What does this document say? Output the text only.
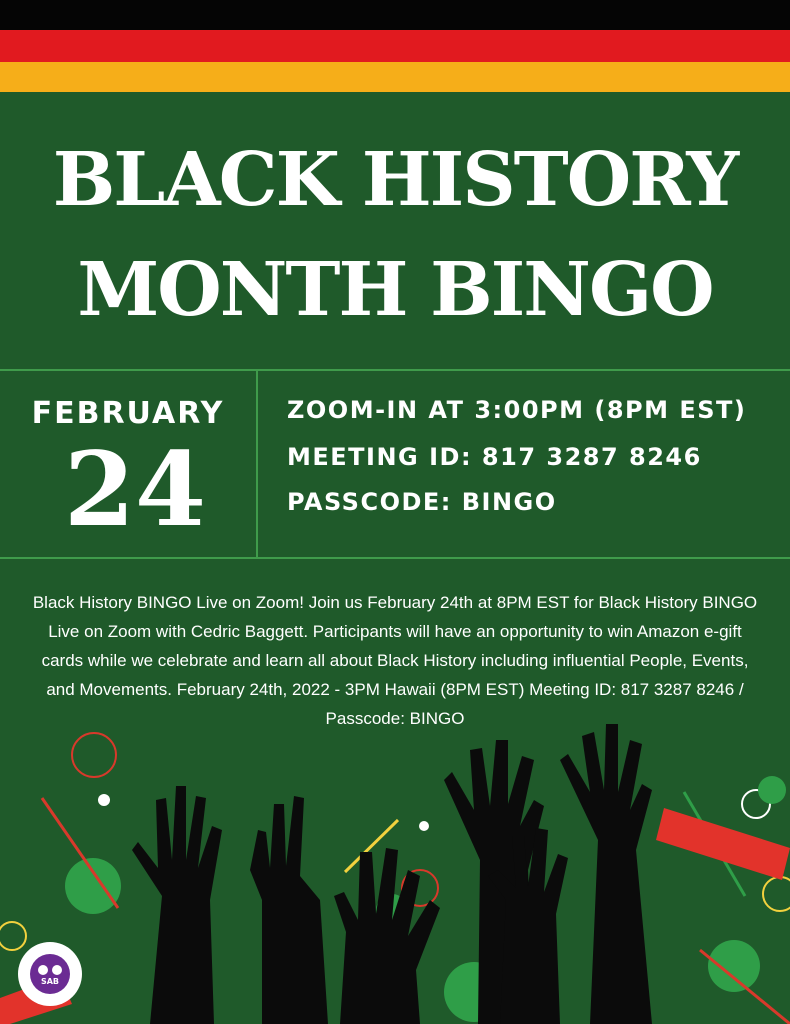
BLACK HISTORY
MONTH BINGO
FEBRUARY
24
ZOOM-IN AT 3:00PM (8PM EST)
MEETING ID: 817 3287 8246
PASSCODE: BINGO
Black History BINGO Live on Zoom! Join us February 24th at 8PM EST for Black History BINGO Live on Zoom with Cedric Baggett. Participants will have an opportunity to win Amazon e-gift cards while we celebrate and learn all about Black History including influential People, Events, and Movements. February 24th, 2022 - 3PM Hawaii (8PM EST) Meeting ID: 817 3287 8246 / Passcode: BINGO
SAB
